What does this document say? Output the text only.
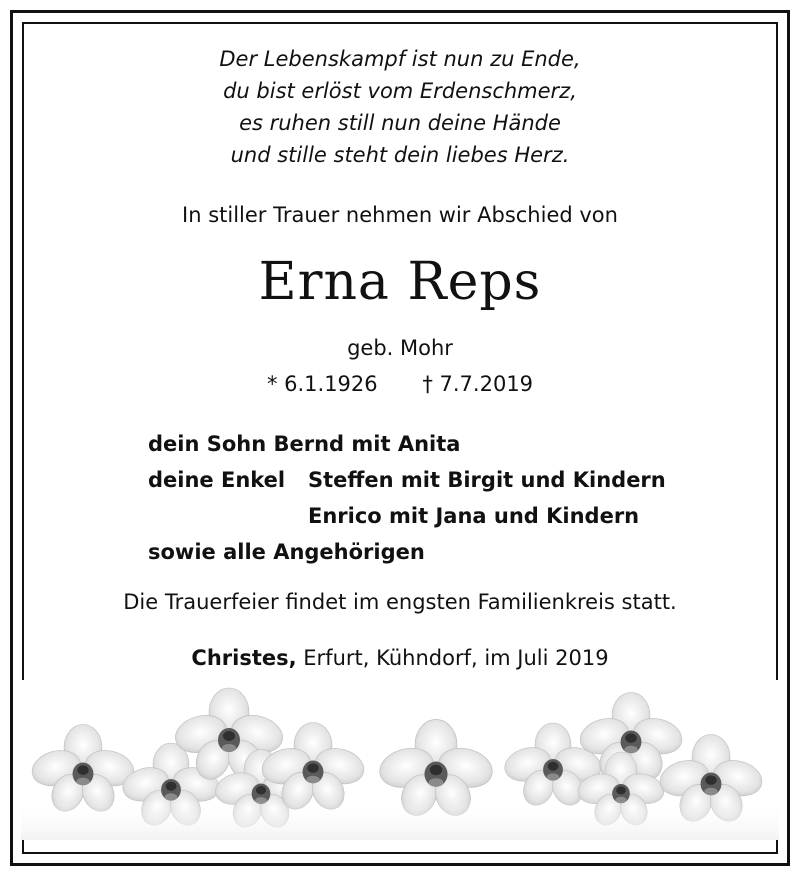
Der Lebenskampf ist nun zu Ende,
du bist erlöst vom Erdenschmerz,
es ruhen still nun deine Hände
und stille steht dein liebes Herz.
In stiller Trauer nehmen wir Abschied von
Erna Reps
geb. Mohr
* 6.1.1926 † 7.7.2019
dein Sohn Bernd mit Anita
deine Enkel Steffen mit Birgit und Kindern
Enrico mit Jana und Kindern
sowie alle Angehörigen
Die Trauerfeier findet im engsten Familienkreis statt.
Christes, Erfurt, Kühndorf, im Juli 2019
